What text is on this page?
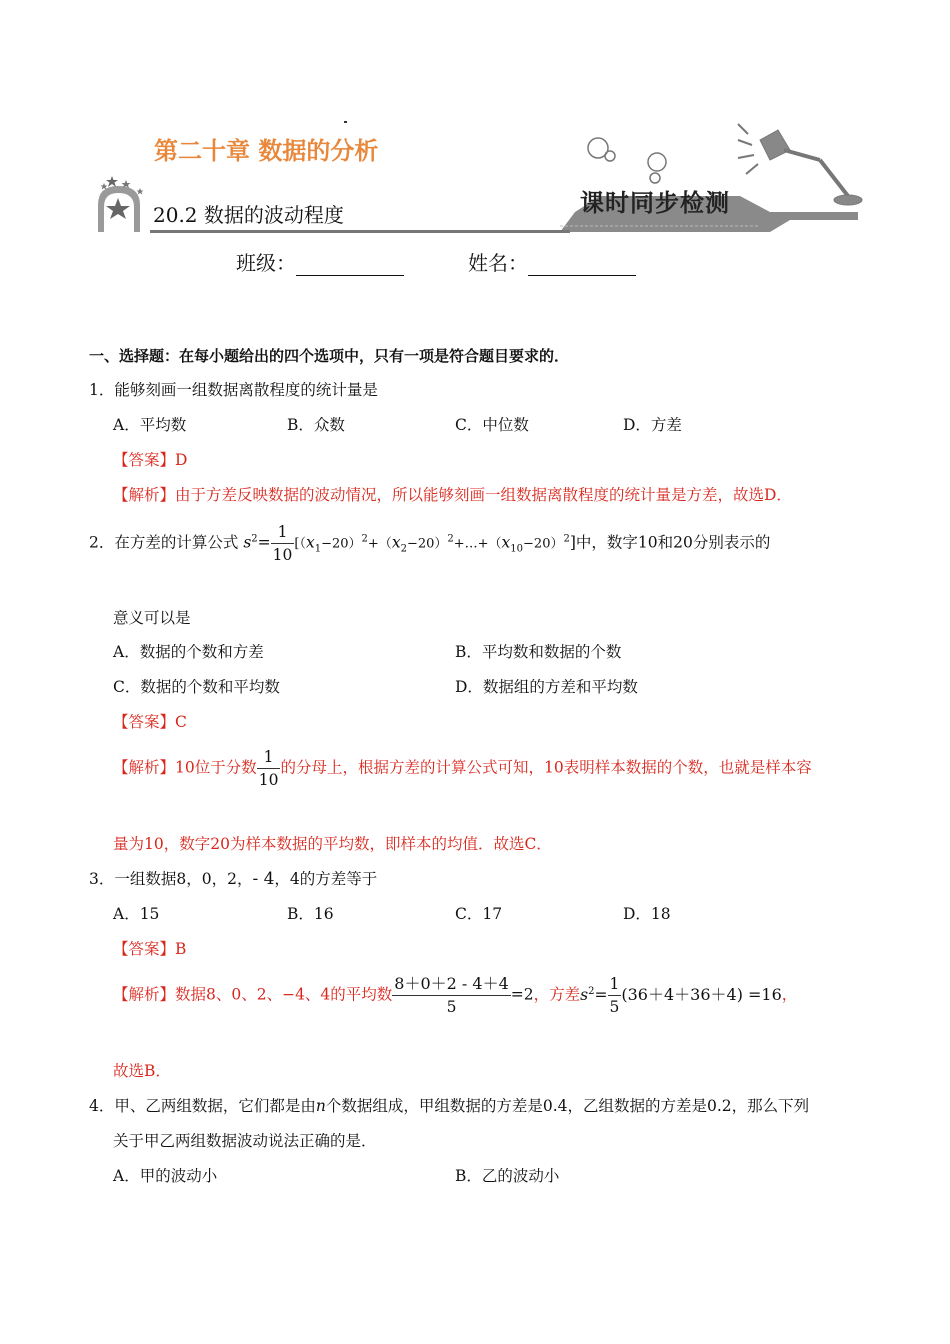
第二十章 数据的分析
20.2 数据的波动程度	课时同步检测
班级：	姓名：
一、选择题：在每小题给出的四个选项中，只有一项是符合题目要求的．
1．能够刻画一组数据离散程度的统计量是
A．平均数	B．众数	C．中位数	D．方差
【答案】D
【解析】由于方差反映数据的波动情况，所以能够刻画一组数据离散程度的统计量是方差，故选D．
2．在方差的计算公式 $s^2= \frac{1}{10}$ $[(x_1-20)^2+(x_2-20)^2+\dots+(x_{10}-20)^2]$中，数字10和20分别表示的
意义可以是
A．数据的个数和方差	B．平均数和数据的个数
C．数据的个数和平均数	D．数据组的方差和平均数
【答案】C
【解析】10位于分数 $\frac{1}{10}$ 的分母上，根据方差的计算公式可知，10表明样本数据的个数，也就是样本容
量为10，数字20为样本数据的平均数，即样本的均值．故选C．
3．一组数据8，0，2，- 4，4的方差等于
A．15	B．16	C．17	D．18
【答案】B
【解析】数据8、0、2、−4、4的平均数 $\frac{8+0+2 - 4+4}{5} =2$，方差$s^2= \frac{1}{5} (36+4+36+4) =16$，
故选B．
4．甲、乙两组数据，它们都是由n个数据组成，甲组数据的方差是0.4，乙组数据的方差是0.2，那么下列
关于甲乙两组数据波动说法正确的是．
A．甲的波动小	B．乙的波动小
